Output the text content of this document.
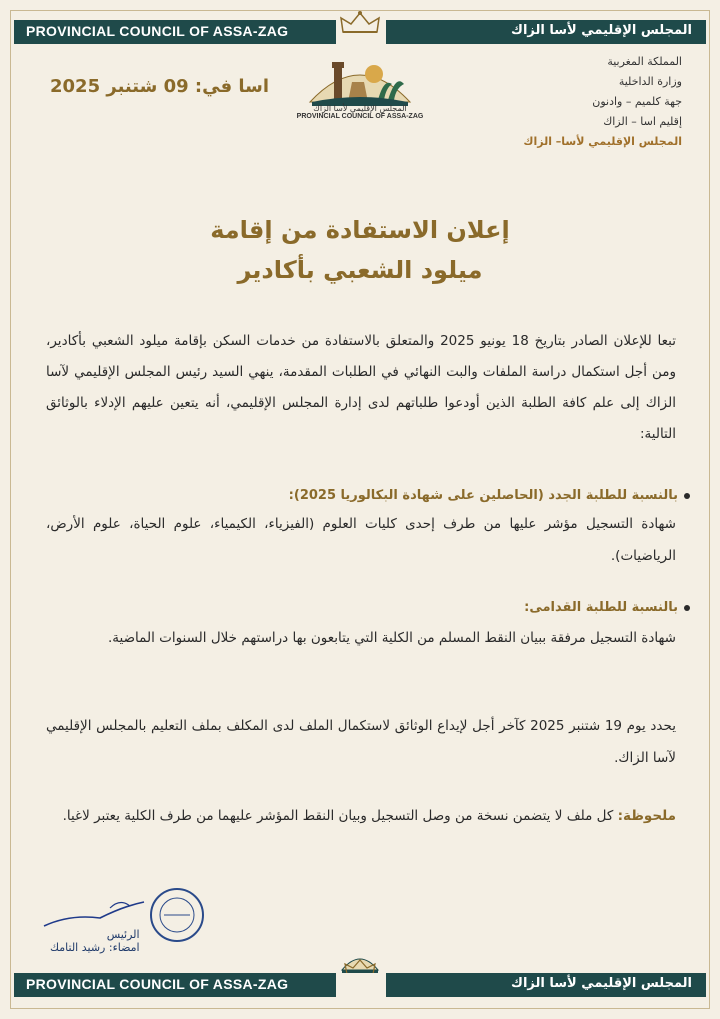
PROVINCIAL COUNCIL OF ASSA-ZAG	المجلس الإقليمي لأسا الزاك
اسا في: 09 شتنبر 2025
المملكة المغربية
وزارة الداخلية
جهة كلميم – وادنون
إقليم اسا – الزاك
المجلس الإقليمي لأسا– الزاك
المجلس الإقليمي لأسا الزاك
PROVINCIAL COUNCIL OF ASSA-ZAG
إعلان الاستفادة من إقامة
ميلود الشعبي بأكادير
تبعا للإعلان الصادر بتاريخ 18 يونيو 2025 والمتعلق بالاستفادة من خدمات السكن بإقامة ميلود الشعبي بأكادير، ومن أجل استكمال دراسة الملفات والبت النهائي في الطلبات المقدمة، ينهي السيد رئيس المجلس الإقليمي لآسا الزاك إلى علم كافة الطلبة الذين أودعوا طلباتهم لدى إدارة المجلس الإقليمي، أنه يتعين عليهم الإدلاء بالوثائق التالية:
بالنسبة للطلبة الجدد (الحاصلين على شهادة البكالوريا 2025):
شهادة التسجيل مؤشر عليها من طرف إحدى كليات العلوم (الفيزياء، الكيمياء، علوم الحياة، علوم الأرض، الرياضيات).
بالنسبة للطلبة القدامى:
شهادة التسجيل مرفقة ببيان النقط المسلم من الكلية التي يتابعون بها دراستهم خلال السنوات الماضية.
يحدد يوم 19 شتنبر 2025 كآخر أجل لإيداع الوثائق لاستكمال الملف لدى المكلف بملف التعليم بالمجلس الإقليمي لآسا الزاك.
ملحوظة: كل ملف لا يتضمن نسخة من وصل التسجيل وبيان النقط المؤشر عليهما من طرف الكلية يعتبر لاغيا.
الرئيس
امضاء: رشيد التامك
PROVINCIAL COUNCIL OF ASSA-ZAG	المجلس الإقليمي لأسا الزاك
